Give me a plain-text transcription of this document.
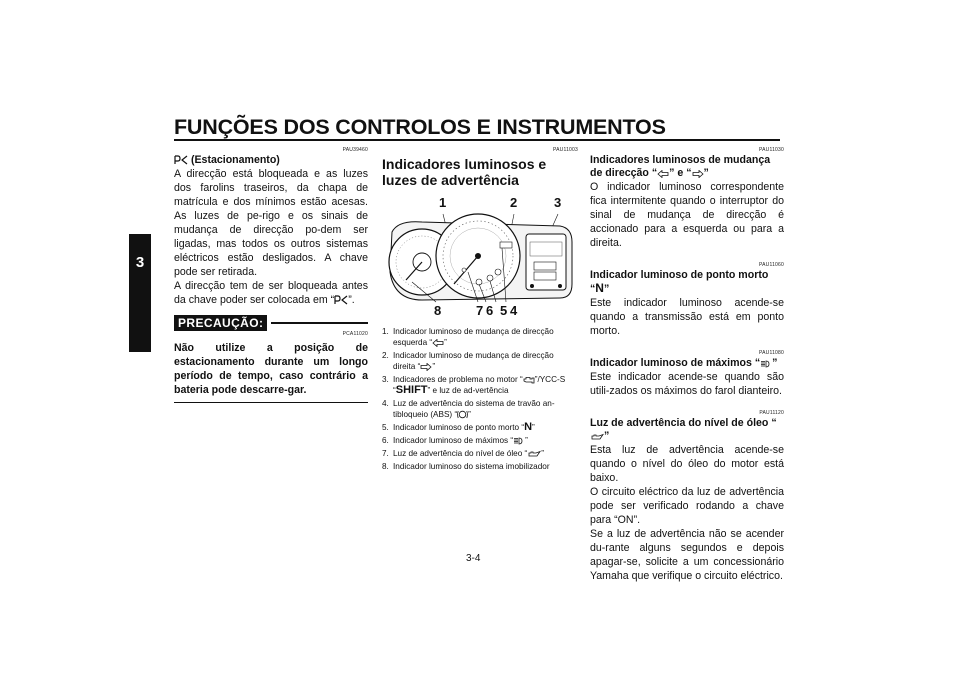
FUNÇÕES DOS CONTROLOS E INSTRUMENTOS
3
PAU39460
(Estacionamento)
A direcção está bloqueada e as luzes dos farolins traseiros, da chapa de matrícula e dos mínimos estão acesas. As luzes de pe-rigo e os sinais de mudança de direcção po-dem ser ligadas, mas todos os outros sistemas eléctricos estão desligados. A chave pode ser retirada.
A direcção tem de ser bloqueada antes da chave poder ser colocada em “ ”.
PRECAUÇÃO:
PCA11020
Não utilize a posição de estacionamento durante um longo período de tempo, caso contrário a bateria pode descarre-gar.
PAU11003
Indicadores luminosos e luzes de advertência
1	2	3
8	7 6 5 4
1. Indicador luminoso de mudança de direcção esquerda “ ”
2. Indicador luminoso de mudança de direcção direita “ ”
3. Indicadores de problema no motor “ ”/YCC-S “SHIFT” e luz de ad-vertência
4. Luz de advertência do sistema de travão an-tibloqueio (ABS) “ ”
5. Indicador luminoso de ponto morto “N”
6. Indicador luminoso de máximos “ ”
7. Luz de advertência do nível de óleo “ ”
8. Indicador luminoso do sistema imobilizador
PAU11030
Indicadores luminosos de mudança de direcção “ ” e “ ”
O indicador luminoso correspondente fica intermitente quando o interruptor do sinal de mudança de direcção é accionado para a esquerda ou para a direita.
PAU11060
Indicador luminoso de ponto morto “N”
Este indicador luminoso acende-se quando a transmissão está em ponto morto.
PAU11080
Indicador luminoso de máximos “ ”
Este indicador acende-se quando são utili-zados os máximos do farol dianteiro.
PAU11120
Luz de advertência do nível de óleo “”
Esta luz de advertência acende-se quando o nível do óleo do motor está baixo.
O circuito eléctrico da luz de advertência pode ser verificado rodando a chave para “ON”.
Se a luz de advertência não se acender du-rante alguns segundos e depois apagar-se, solicite a um concessionário Yamaha que verifique o circuito eléctrico.
3-4
